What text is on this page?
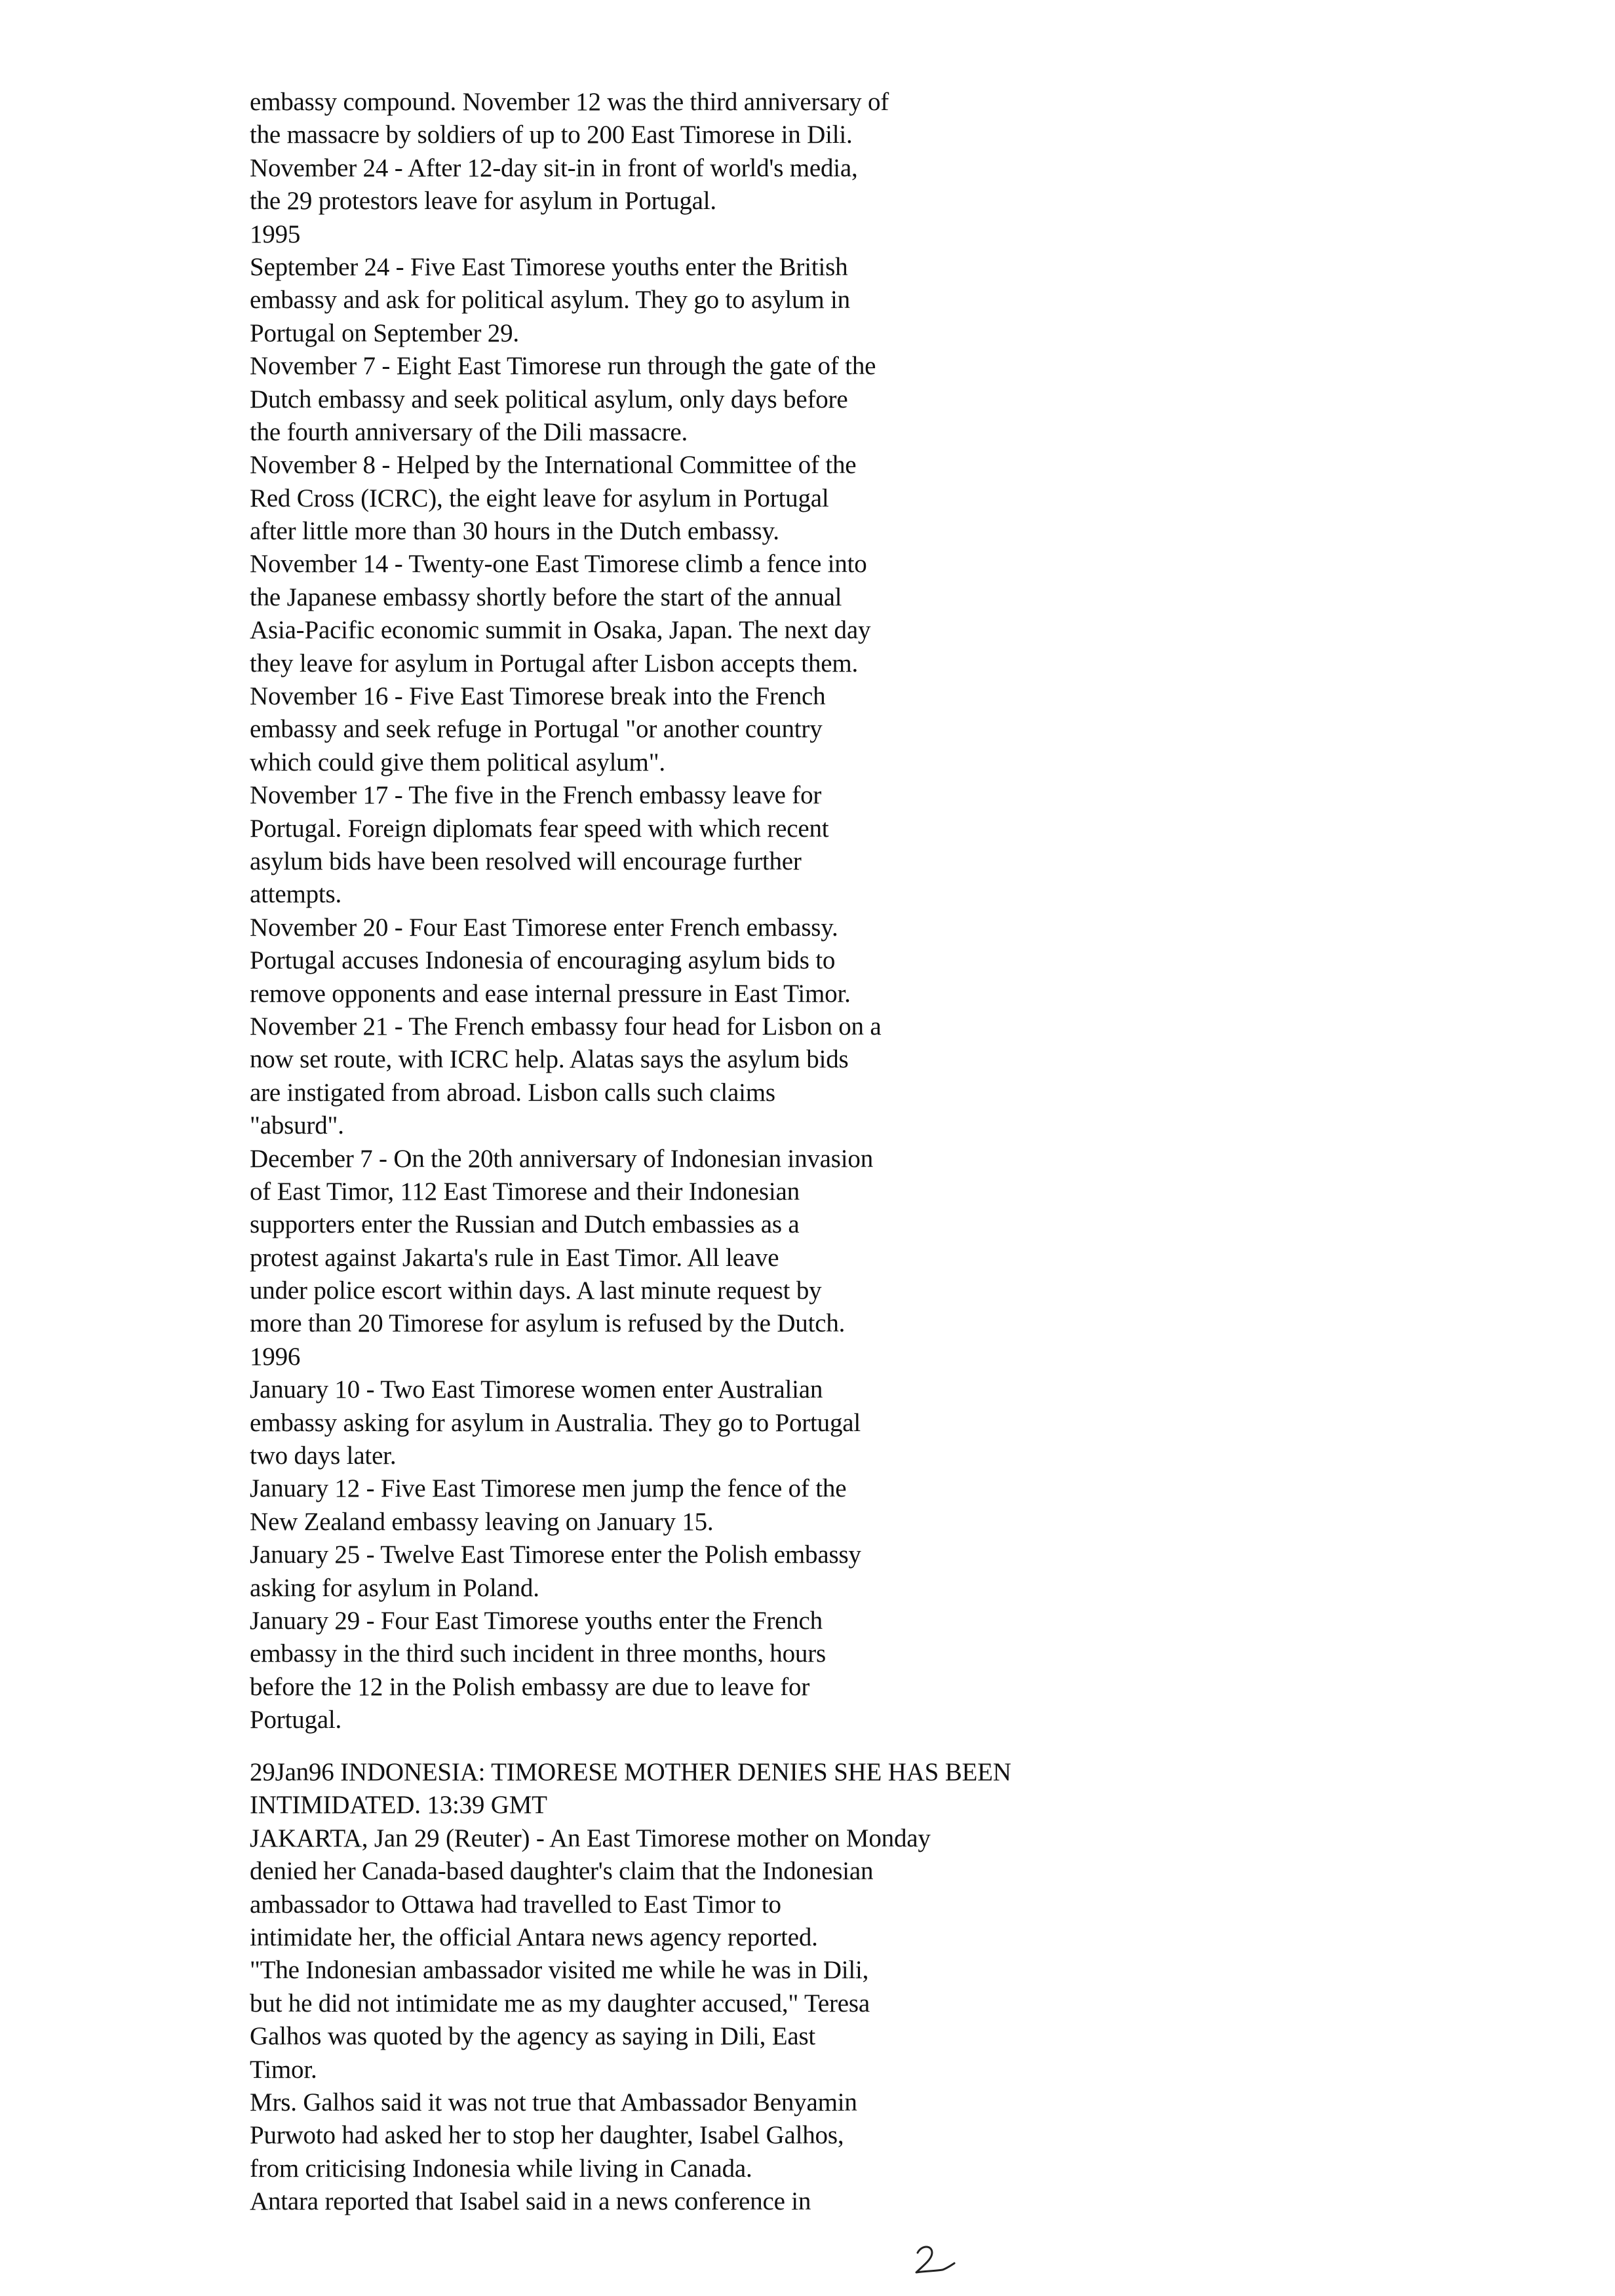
embassy compound. November 12 was the third anniversary of
the massacre by soldiers of up to 200 East Timorese in Dili.
November 24 - After 12-day sit-in in front of world's media,
the 29 protestors leave for asylum in Portugal.
1995
September 24 - Five East Timorese youths enter the British
embassy and ask for political asylum. They go to asylum in
Portugal on September 29.
November 7 - Eight East Timorese run through the gate of the
Dutch embassy and seek political asylum, only days before
the fourth anniversary of the Dili massacre.
November 8 - Helped by the International Committee of the
Red Cross (ICRC), the eight leave for asylum in Portugal
after little more than 30 hours in the Dutch embassy.
November 14 - Twenty-one East Timorese climb a fence into
the Japanese embassy shortly before the start of the annual
Asia-Pacific economic summit in Osaka, Japan. The next day
they leave for asylum in Portugal after Lisbon accepts them.
November 16 - Five East Timorese break into the French
embassy and seek refuge in Portugal "or another country
which could give them political asylum".
November 17 - The five in the French embassy leave for
Portugal. Foreign diplomats fear speed with which recent
asylum bids have been resolved will encourage further
attempts.
November 20 - Four East Timorese enter French embassy.
Portugal accuses Indonesia of encouraging asylum bids to
remove opponents and ease internal pressure in East Timor.
November 21 - The French embassy four head for Lisbon on a
now set route, with ICRC help. Alatas says the asylum bids
are instigated from abroad. Lisbon calls such claims
"absurd".
December 7 - On the 20th anniversary of Indonesian invasion
of East Timor, 112 East Timorese and their Indonesian
supporters enter the Russian and Dutch embassies as a
protest against Jakarta's rule in East Timor. All leave
under police escort within days. A last minute request by
more than 20 Timorese for asylum is refused by the Dutch.
1996
January 10 - Two East Timorese women enter Australian
embassy asking for asylum in Australia. They go to Portugal
two days later.
January 12 - Five East Timorese men jump the fence of the
New Zealand embassy leaving on January 15.
January 25 - Twelve East Timorese enter the Polish embassy
asking for asylum in Poland.
January 29 - Four East Timorese youths enter the French
embassy in the third such incident in three months, hours
before the 12 in the Polish embassy are due to leave for
Portugal.
29Jan96 INDONESIA: TIMORESE MOTHER DENIES SHE HAS BEEN
INTIMIDATED. 13:39 GMT
JAKARTA, Jan 29 (Reuter) - An East Timorese mother on Monday
denied her Canada-based daughter's claim that the Indonesian
ambassador to Ottawa had travelled to East Timor to
intimidate her, the official Antara news agency reported.
"The Indonesian ambassador visited me while he was in Dili,
but he did not intimidate me as my daughter accused," Teresa
Galhos was quoted by the agency as saying in Dili, East
Timor.
Mrs. Galhos said it was not true that Ambassador Benyamin
Purwoto had asked her to stop her daughter, Isabel Galhos,
from criticising Indonesia while living in Canada.
Antara reported that Isabel said in a news conference in
